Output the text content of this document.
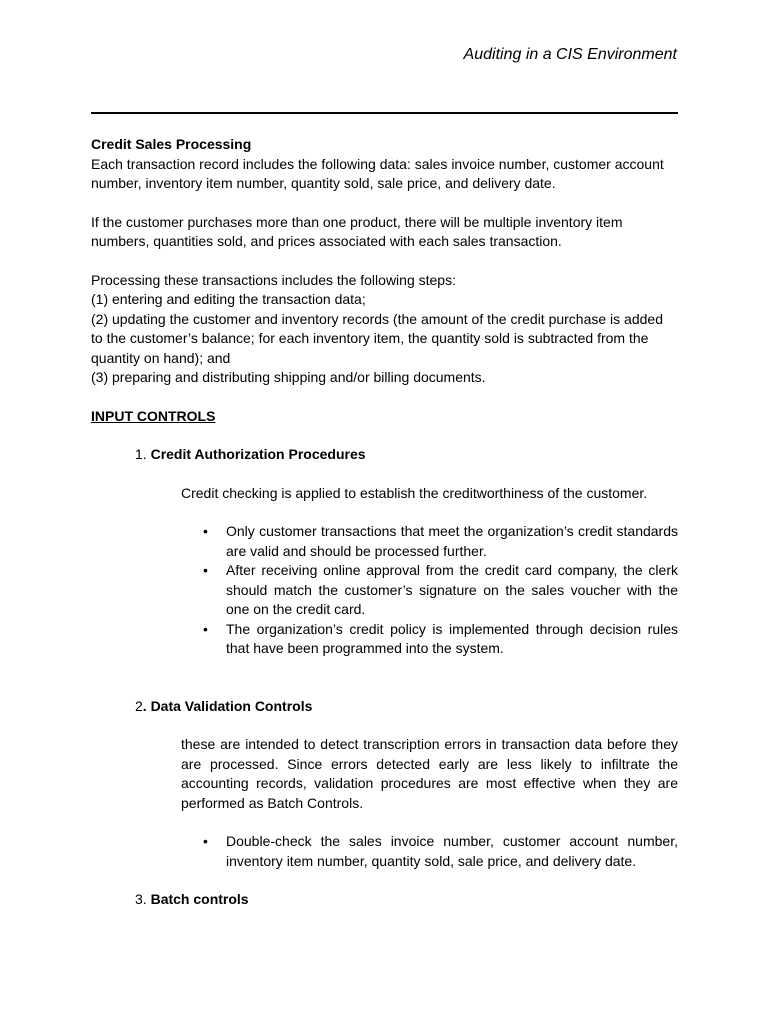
Auditing in a CIS Environment

Credit Sales Processing

Each transaction record includes the following data: sales invoice number, customer account number, inventory item number, quantity sold, sale price, and delivery date.

If the customer purchases more than one product, there will be multiple inventory item numbers, quantities sold, and prices associated with each sales transaction.

Processing these transactions includes the following steps:

(1) entering and editing the transaction data;

(2) updating the customer and inventory records (the amount of the credit purchase is added to the customer’s balance; for each inventory item, the quantity sold is subtracted from the quantity on hand); and

(3) preparing and distributing shipping and/or billing documents.

INPUT CONTROLS

1. Credit Authorization Procedures

Credit checking is applied to establish the creditworthiness of the customer.

• Only customer transactions that meet the organization’s credit standards are valid and should be processed further.
• After receiving online approval from the credit card company, the clerk should match the customer’s signature on the sales voucher with the one on the credit card.
• The organization’s credit policy is implemented through decision rules that have been programmed into the system.

2. Data Validation Controls

these are intended to detect transcription errors in transaction data before they are processed. Since errors detected early are less likely to infiltrate the accounting records, validation procedures are most effective when they are performed as Batch Controls.

• Double-check the sales invoice number, customer account number, inventory item number, quantity sold, sale price, and delivery date.

3. Batch controls
